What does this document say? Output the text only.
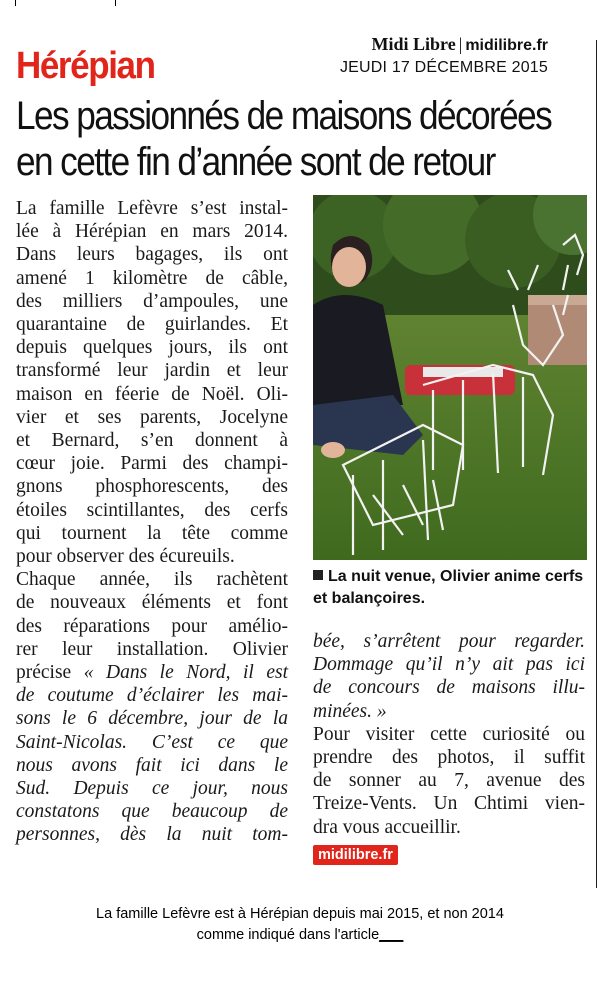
Hérépian
Midi Libre | midilibre.fr
JEUDI 17 DÉCEMBRE 2015
Les passionnés de maisons décorées
en cette fin d’année sont de retour

La famille Lefèvre s’est instal-
lée à Hérépian en mars 2014.
Dans leurs bagages, ils ont
amené 1 kilomètre de câble,
des milliers d’ampoules, une
quarantaine de guirlandes. Et
depuis quelques jours, ils ont
transformé leur jardin et leur
maison en féerie de Noël. Oli-
vier et ses parents, Jocelyne
et Bernard, s’en donnent à
cœur joie. Parmi des champi-
gnons phosphorescents, des
étoiles scintillantes, des cerfs
qui tournent la tête comme
pour observer des écureuils.
Chaque année, ils rachètent
de nouveaux éléments et font
des réparations pour amélio-
rer leur installation. Olivier
précise « Dans le Nord, il est
de coutume d’éclairer les mai-
sons le 6 décembre, jour de la
Saint-Nicolas. C’est ce que
nous avons fait ici dans le
Sud. Depuis ce jour, nous
constatons que beaucoup de
personnes, dès la nuit tom-

La nuit venue, Olivier anime cerfs et balançoires.

bée, s’arrêtent pour regarder.
Dommage qu’il n’y ait pas ici
de concours de maisons illu-
minées. »
Pour visiter cette curiosité ou
prendre des photos, il suffit
de sonner au 7, avenue des
Treize-Vents. Un Chtimi vien-
dra vous accueillir.

midilibre.fr
La famille Lefèvre est à Hérépian depuis mai 2015, et non 2014
comme indiqué dans l'article___
